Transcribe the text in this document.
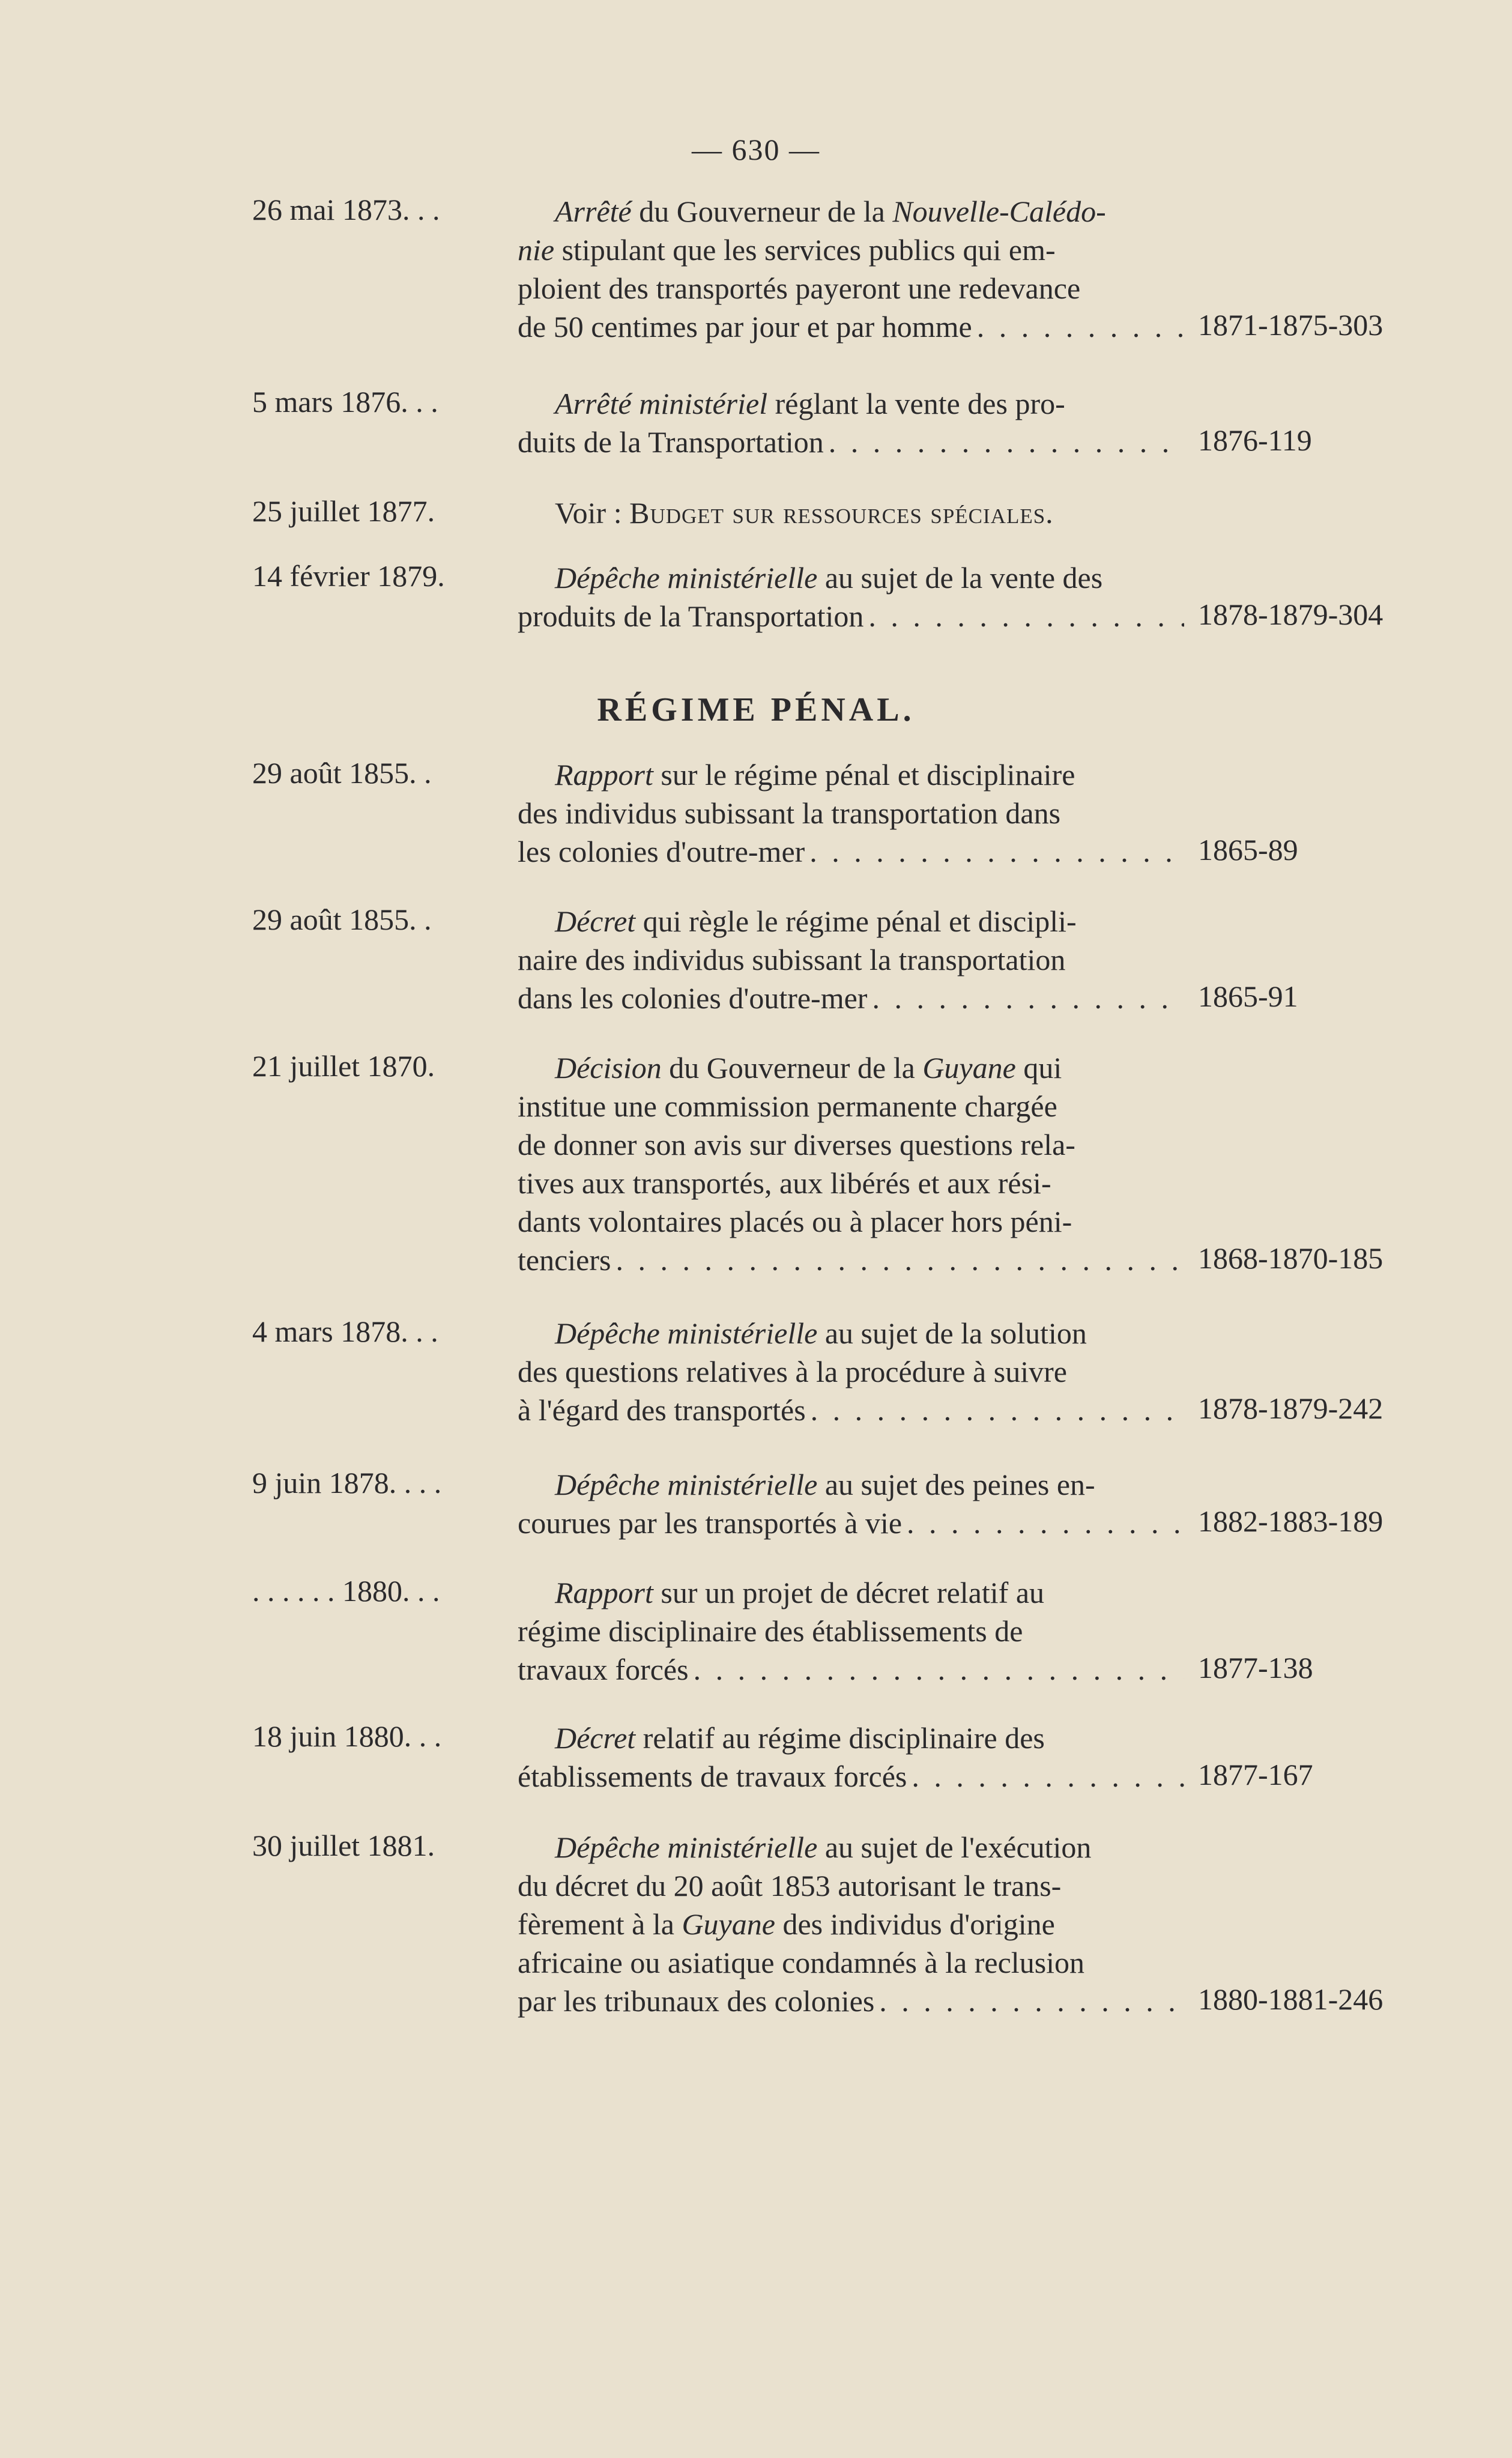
— 630 —
26 mai 1873. . .	Arrêté du Gouverneur de la Nouvelle-Calédo-
nie stipulant que les services publics qui em-
ploient des transportés payeront une redevance
de 50 centimes par jour et par homme . . .	1871-1875-303
5 mars 1876. . .	Arrêté ministériel réglant la vente des pro-
duits de la Transportation . . .	1876-119
25 juillet 1877.	Voir : Budget sur ressources spéciales.
14 février 1879.	Dépêche ministérielle au sujet de la vente des
produits de la Transportation . . .	1878-1879-304
RÉGIME PÉNAL.
29 août 1855. .	Rapport sur le régime pénal et disciplinaire
des individus subissant la transportation dans
les colonies d'outre-mer . . .	1865-89
29 août 1855. .	Décret qui règle le régime pénal et discipli-
naire des individus subissant la transportation
dans les colonies d'outre-mer . . .	1865-91
21 juillet 1870.	Décision du Gouverneur de la Guyane qui
institue une commission permanente chargée
de donner son avis sur diverses questions rela-
tives aux transportés, aux libérés et aux rési-
dants volontaires placés ou à placer hors péni-
tenciers . . .	1868-1870-185
4 mars 1878. . .	Dépêche ministérielle au sujet de la solution
des questions relatives à la procédure à suivre
à l'égard des transportés . . .	1878-1879-242
9 juin 1878. . . .	Dépêche ministérielle au sujet des peines en-
courues par les transportés à vie . . .	1882-1883-189
. . . . . . 1880. . .	Rapport sur un projet de décret relatif au
régime disciplinaire des établissements de
travaux forcés . . .	1877-138
18 juin 1880. . .	Décret relatif au régime disciplinaire des
établissements de travaux forcés . . .	1877-167
30 juillet 1881.	Dépêche ministérielle au sujet de l'exécution
du décret du 20 août 1853 autorisant le trans-
fèrement à la Guyane des individus d'origine
africaine ou asiatique condamnés à la reclusion
par les tribunaux des colonies . . .	1880-1881-246
